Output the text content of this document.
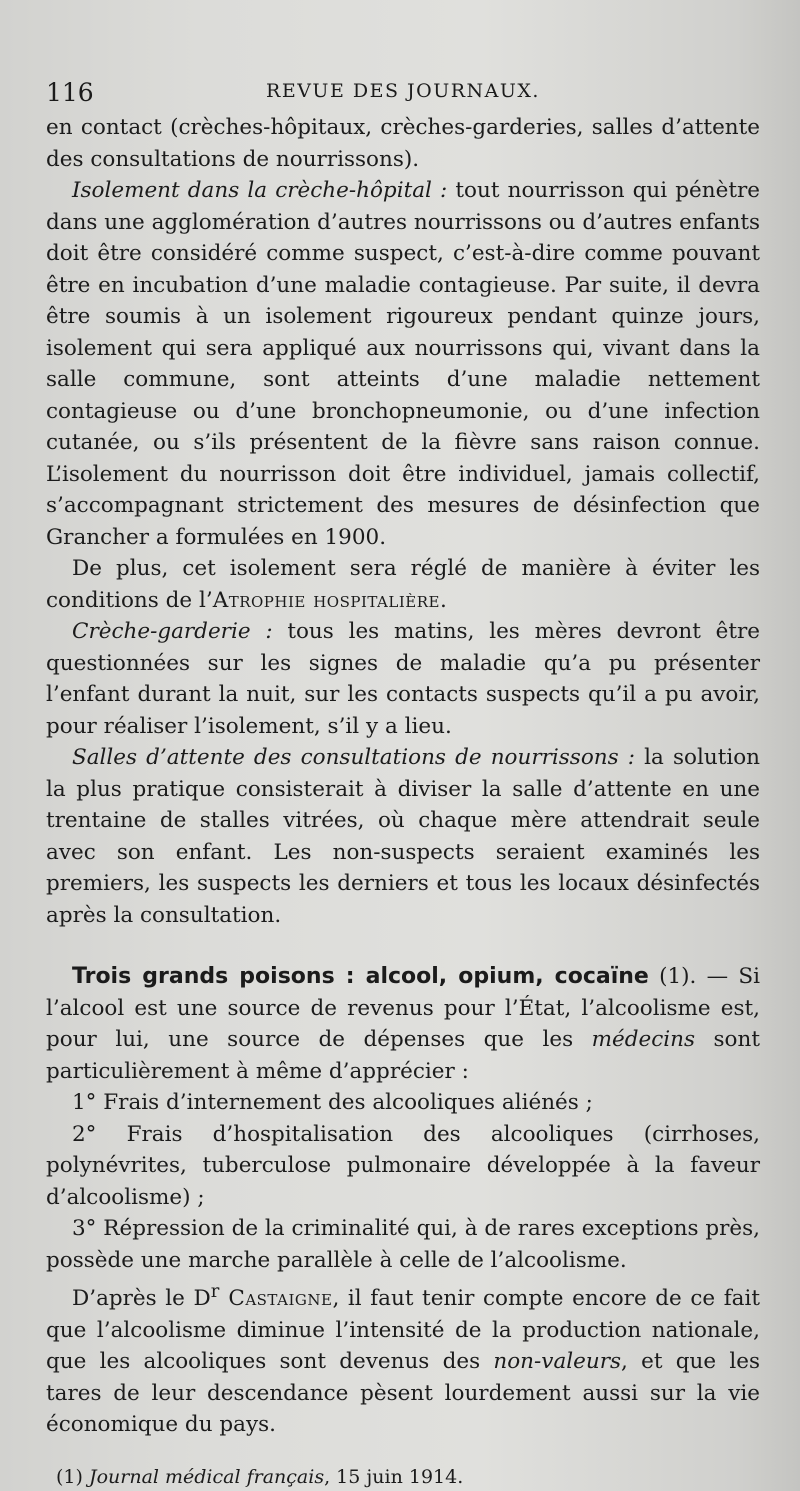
116	REVUE DES JOURNAUX.

en contact (crèches-hôpitaux, crèches-garderies, salles d’attente des consultations de nourrissons).

Isolement dans la crèche-hôpital : tout nourrisson qui pénètre dans une agglomération d’autres nourrissons ou d’autres enfants doit être considéré comme suspect, c’est-à-dire comme pouvant être en incubation d’une maladie contagieuse. Par suite, il devra être soumis à un isolement rigoureux pendant quinze jours, isolement qui sera appliqué aux nourrissons qui, vivant dans la salle commune, sont atteints d’une maladie nettement contagieuse ou d’une bronchopneumonie, ou d’une infection cutanée, ou s’ils présentent de la fièvre sans raison connue. L’isolement du nourrisson doit être individuel, jamais collectif, s’accompagnant strictement des mesures de désinfection que Grancher a formulées en 1900.

De plus, cet isolement sera réglé de manière à éviter les conditions de l’Atrophie hospitalière.

Crèche-garderie : tous les matins, les mères devront être questionnées sur les signes de maladie qu’a pu présenter l’enfant durant la nuit, sur les contacts suspects qu’il a pu avoir, pour réaliser l’isolement, s’il y a lieu.

Salles d’attente des consultations de nourrissons : la solution la plus pratique consisterait à diviser la salle d’attente en une trentaine de stalles vitrées, où chaque mère attendrait seule avec son enfant. Les non-suspects seraient examinés les premiers, les suspects les derniers et tous les locaux désinfectés après la consultation.

Trois grands poisons : alcool, opium, cocaïne (1). — Si l’alcool est une source de revenus pour l’État, l’alcoolisme est, pour lui, une source de dépenses que les médecins sont particulièrement à même d’apprécier :

1° Frais d’internement des alcooliques aliénés ;

2° Frais d’hospitalisation des alcooliques (cirrhoses, polynévrites, tuberculose pulmonaire développée à la faveur d’alcoolisme) ;

3° Répression de la criminalité qui, à de rares exceptions près, possède une marche parallèle à celle de l’alcoolisme.

D’après le $D^r$ Castaigne, il faut tenir compte encore de ce fait que l’alcoolisme diminue l’intensité de la production nationale, que les alcooliques sont devenus des non-valeurs, et que les tares de leur descendance pèsent lourdement aussi sur la vie économique du pays.

(1) Journal médical français, 15 juin 1914.
